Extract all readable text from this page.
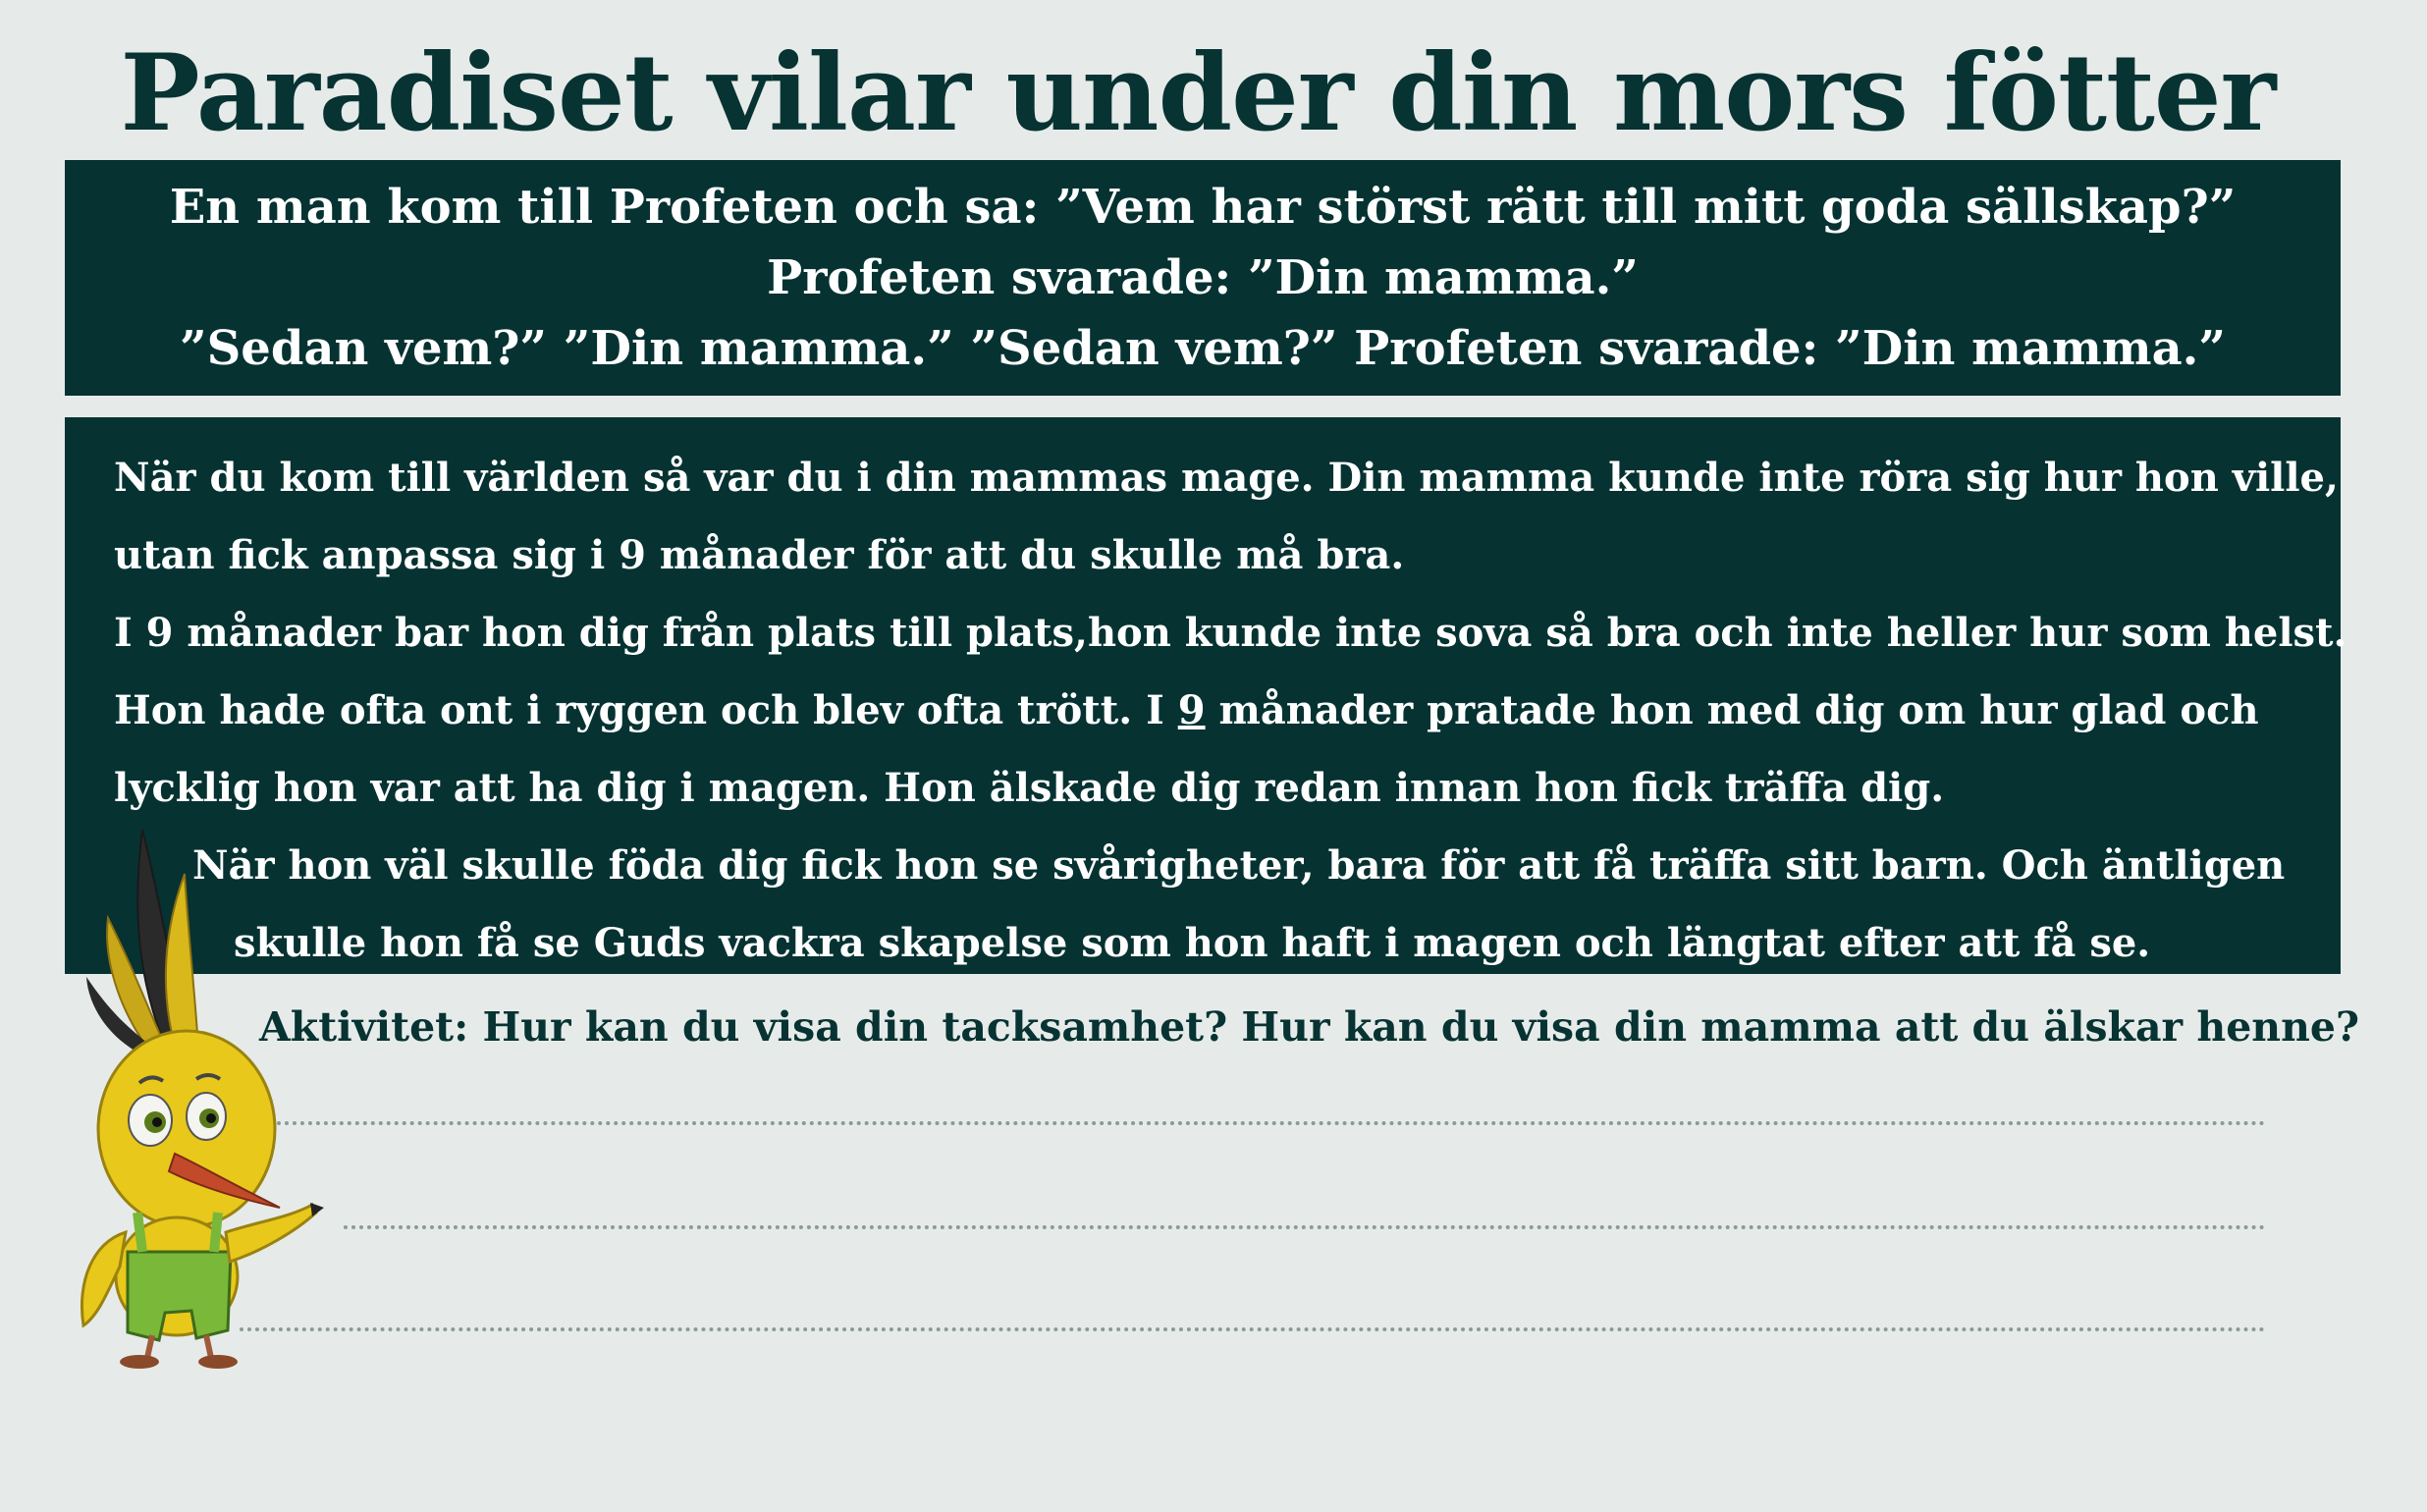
Paradiset vilar under din mors fötter
En man kom till Profeten och sa: ”Vem har störst rätt till mitt goda sällskap?”
Profeten svarade: ”Din mamma.”
”Sedan vem?” ”Din mamma.” ”Sedan vem?” Profeten svarade: ”Din mamma.”
När du kom till världen så var du i din mammas mage. Din mamma kunde inte röra sig hur hon ville,
utan fick anpassa sig i 9 månader för att du skulle må bra.
I 9 månader bar hon dig från plats till plats,hon kunde inte sova så bra och inte heller hur som helst.
Hon hade ofta ont i ryggen och blev ofta trött. I 9 månader pratade hon med dig om hur glad och
lycklig hon var att ha dig i magen. Hon älskade dig redan innan hon fick träffa dig.
När hon väl skulle föda dig fick hon se svårigheter, bara för att få träffa sitt barn. Och äntligen
skulle hon få se Guds vackra skapelse som hon haft i magen och längtat efter att få se.

Aktivitet: Hur kan du visa din tacksamhet? Hur kan du visa din mamma att du älskar henne?
